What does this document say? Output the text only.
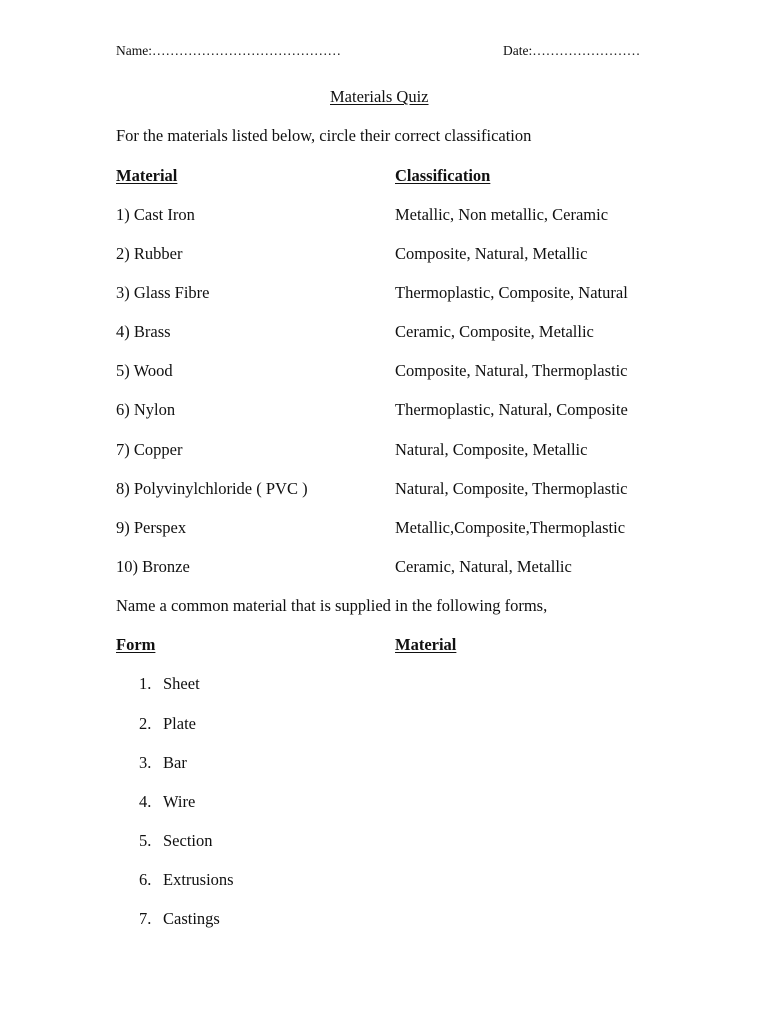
Name:……………………………………	Date:……………………
Materials Quiz
For the materials listed below, circle their correct classification
Material	Classification
1) Cast Iron	Metallic, Non metallic, Ceramic
2) Rubber	Composite, Natural, Metallic
3) Glass Fibre	Thermoplastic, Composite, Natural
4) Brass	Ceramic, Composite, Metallic
5) Wood	Composite, Natural, Thermoplastic
6) Nylon	Thermoplastic, Natural, Composite
7) Copper	Natural, Composite, Metallic
8) Polyvinylchloride ( PVC )	Natural, Composite, Thermoplastic
9) Perspex	Metallic,Composite,Thermoplastic
10) Bronze	Ceramic, Natural, Metallic
Name a common material that is supplied in the following forms,
Form	Material
1. Sheet
2. Plate
3. Bar
4. Wire
5. Section
6. Extrusions
7. Castings
